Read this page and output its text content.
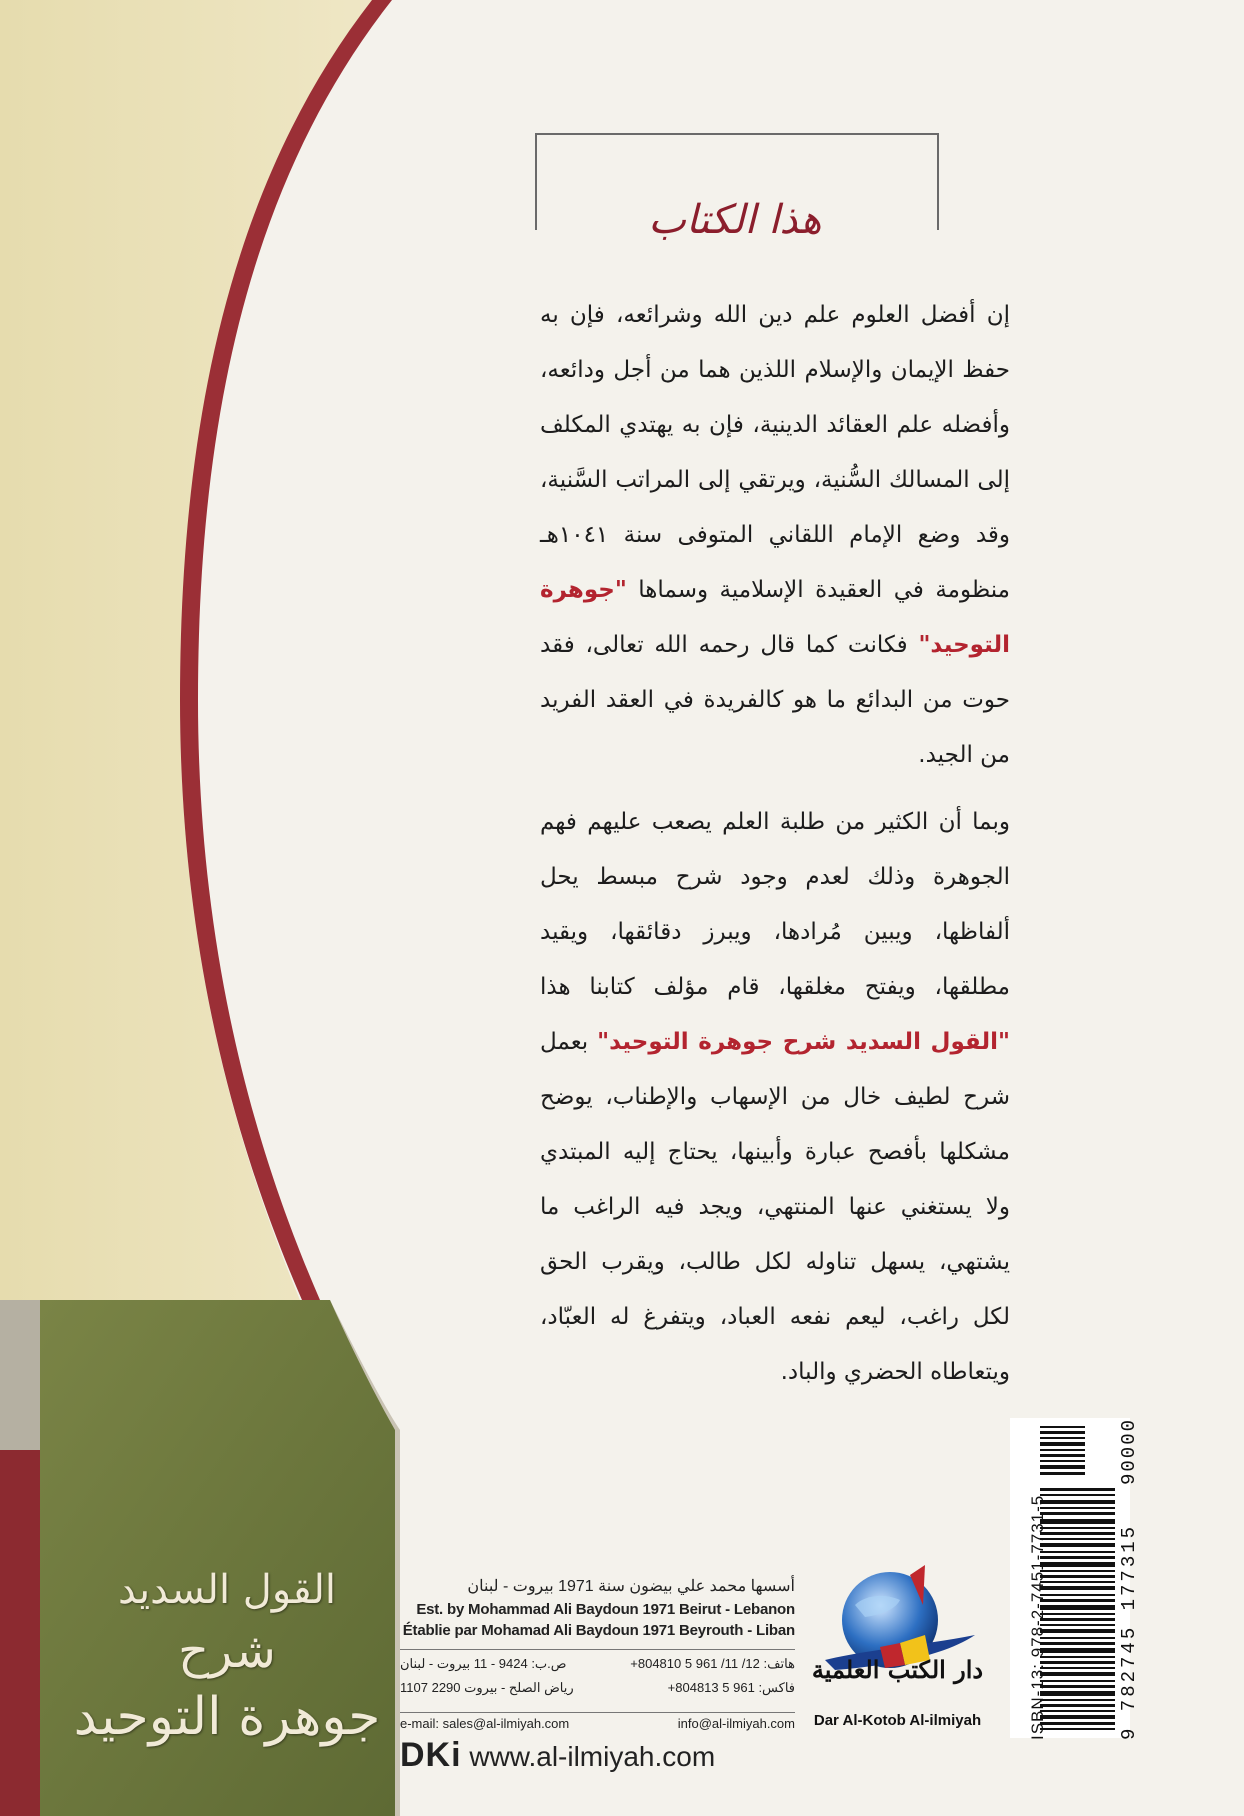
هذا الكتاب

إن أفضل العلوم علم دين الله وشرائعه، فإن به حفظ الإيمان والإسلام اللذين هما من أجل ودائعه، وأفضله علم العقائد الدينية، فإن به يهتدي المكلف إلى المسالك السُّنية، ويرتقي إلى المراتب السَّنية، وقد وضع الإمام اللقاني المتوفى سنة ١٠٤١هـ منظومة في العقيدة الإسلامية وسماها "جوهرة التوحيد" فكانت كما قال رحمه الله تعالى، فقد حوت من البدائع ما هو كالفريدة في العقد الفريد من الجيد.

وبما أن الكثير من طلبة العلم يصعب عليهم فهم الجوهرة وذلك لعدم وجود شرح مبسط يحل ألفاظها، ويبين مُرادها، ويبرز دقائقها، ويقيد مطلقها، ويفتح مغلقها، قام مؤلف كتابنا هذا "القول السديد شرح جوهرة التوحيد" بعمل شرح لطيف خال من الإسهاب والإطناب، يوضح مشكلها بأفصح عبارة وأبينها، يحتاج إليه المبتدي ولا يستغني عنها المنتهي، ويجد فيه الراغب ما يشتهي، يسهل تناوله لكل طالب، ويقرب الحق لكل راغب، ليعم نفعه العباد، ويتفرغ له العبّاد، ويتعاطاه الحضري والباد.

القول السديد
شرح
جوهرة التوحيد
أسسها محمد علي بيضون سنة 1971 بيروت - لبنان
Est. by Mohammad Ali Baydoun 1971 Beirut - Lebanon
Établie par Mohamad Ali Baydoun 1971 Beyrouth - Liban
هاتف: 12/ 11/ 961 5 804810+
فاكس: 961 5 804813+
ص.ب: 9424 - 11 بيروت - لبنان
رياض الصلح - بيروت 2290 1107
e-mail: sales@al-ilmiyah.com	info@al-ilmiyah.com
DKi www.al-ilmiyah.com
دار الكتب العلمية
Dar Al-Kotob Al-ilmiyah	ISBN-13: 978-2-7451-7731-5	9 782745 177315
90000
